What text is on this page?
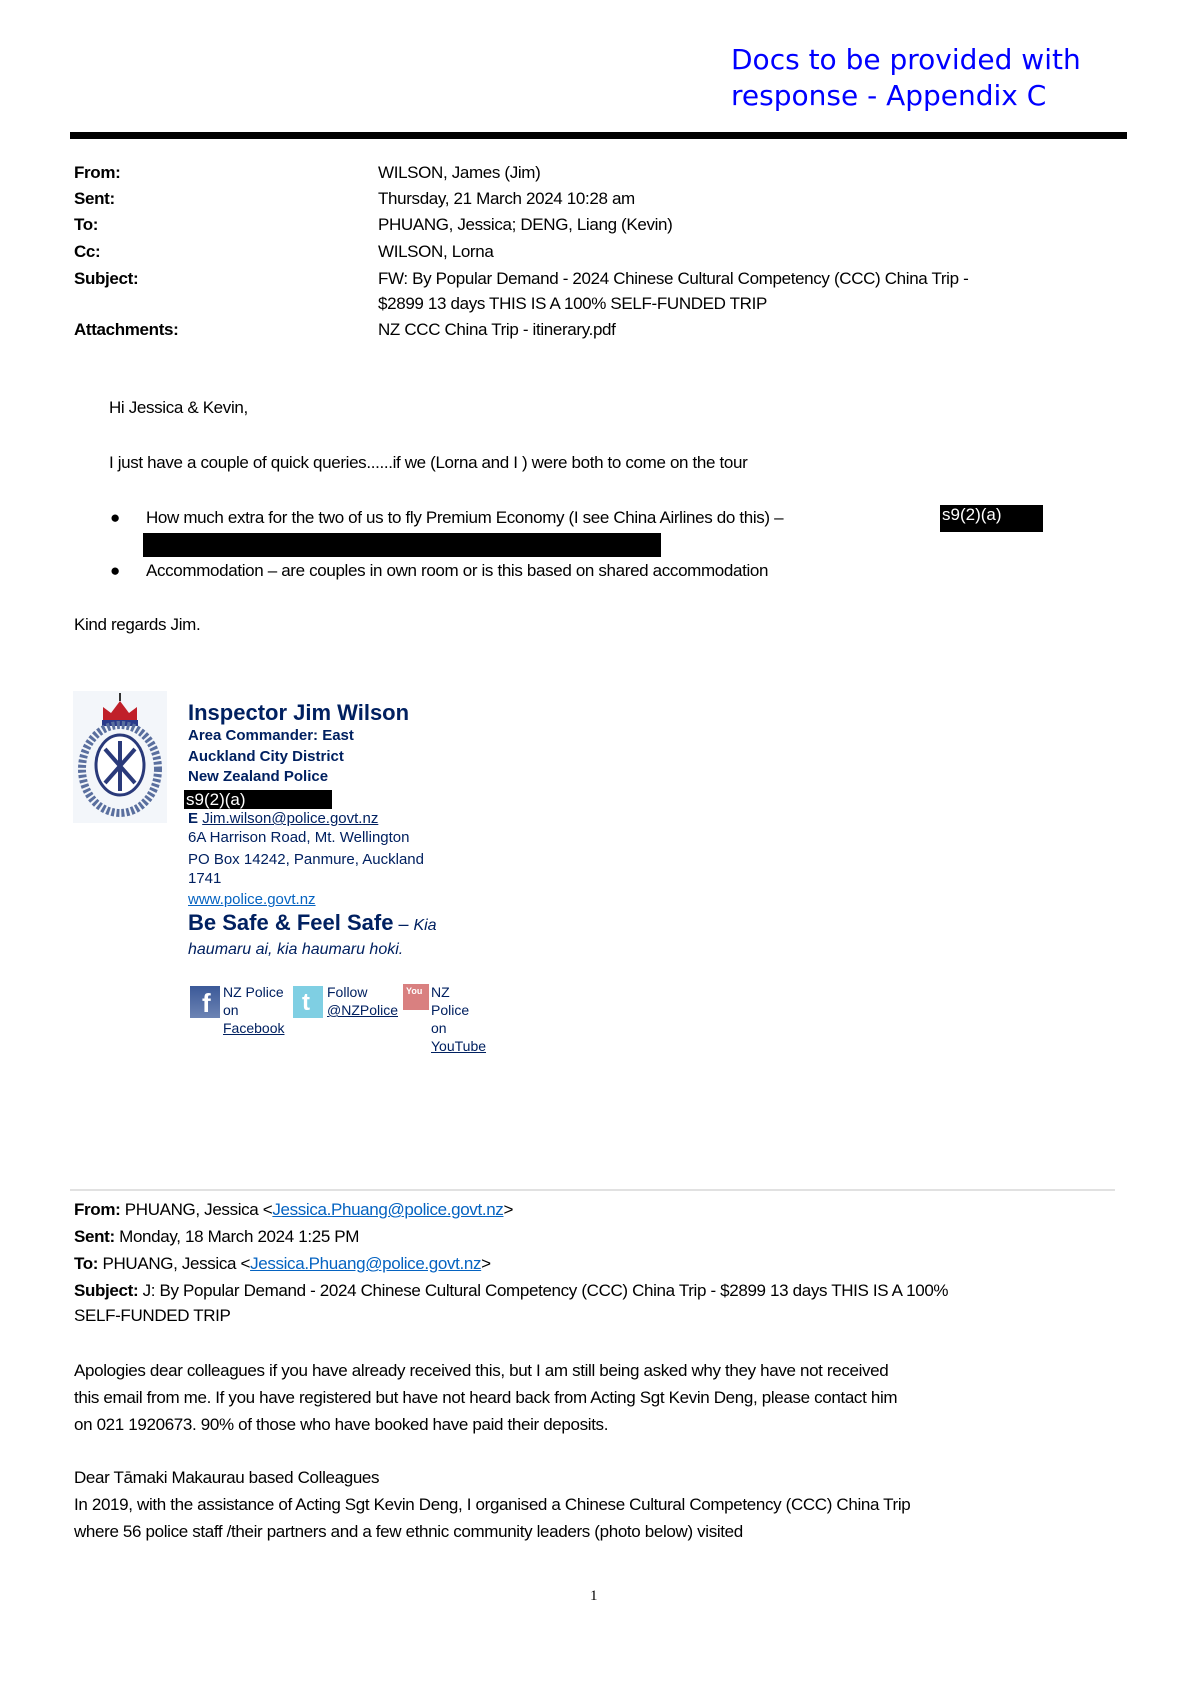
Docs to be provided with
response - Appendix C
From:	WILSON, James (Jim)
Sent:	Thursday, 21 March 2024 10:28 am
To:	PHUANG, Jessica; DENG, Liang (Kevin)
Cc:	WILSON, Lorna
Subject:	FW: By Popular Demand - 2024 Chinese Cultural Competency (CCC) China Trip -
$2899 13 days THIS IS A 100% SELF-FUNDED TRIP
Attachments:	NZ CCC China Trip - itinerary.pdf
Hi Jessica & Kevin,
I just have a couple of quick queries......if we (Lorna and I ) were both to come on the tour
● How much extra for the two of us to fly Premium Economy (I see China Airlines do this) –	s9(2)(a)
● Accommodation – are couples in own room or is this based on shared accommodation
Kind regards Jim.
Inspector Jim Wilson
Area Commander: East
Auckland City District
New Zealand Police
s9(2)(a)
E Jim.wilson@police.govt.nz
6A Harrison Road, Mt. Wellington
PO Box 14242, Panmure, Auckland
1741
www.police.govt.nz
Be Safe & Feel Safe – Kia
haumaru ai, kia haumaru hoki.
f NZ Police
on
Facebook
t Follow
@NZPolice
You NZ
Police
on
YouTube
From: PHUANG, Jessica <Jessica.Phuang@police.govt.nz>
Sent: Monday, 18 March 2024 1:25 PM
To: PHUANG, Jessica <Jessica.Phuang@police.govt.nz>
Subject: J: By Popular Demand - 2024 Chinese Cultural Competency (CCC) China Trip - $2899 13 days THIS IS A 100%
SELF-FUNDED TRIP
Apologies dear colleagues if you have already received this, but I am still being asked why they have not received
this email from me. If you have registered but have not heard back from Acting Sgt Kevin Deng, please contact him
on 021 1920673. 90% of those who have booked have paid their deposits.
Dear Tāmaki Makaurau based Colleagues
In 2019, with the assistance of Acting Sgt Kevin Deng, I organised a Chinese Cultural Competency (CCC) China Trip
where 56 police staff /their partners and a few ethnic community leaders (photo below) visited
1
